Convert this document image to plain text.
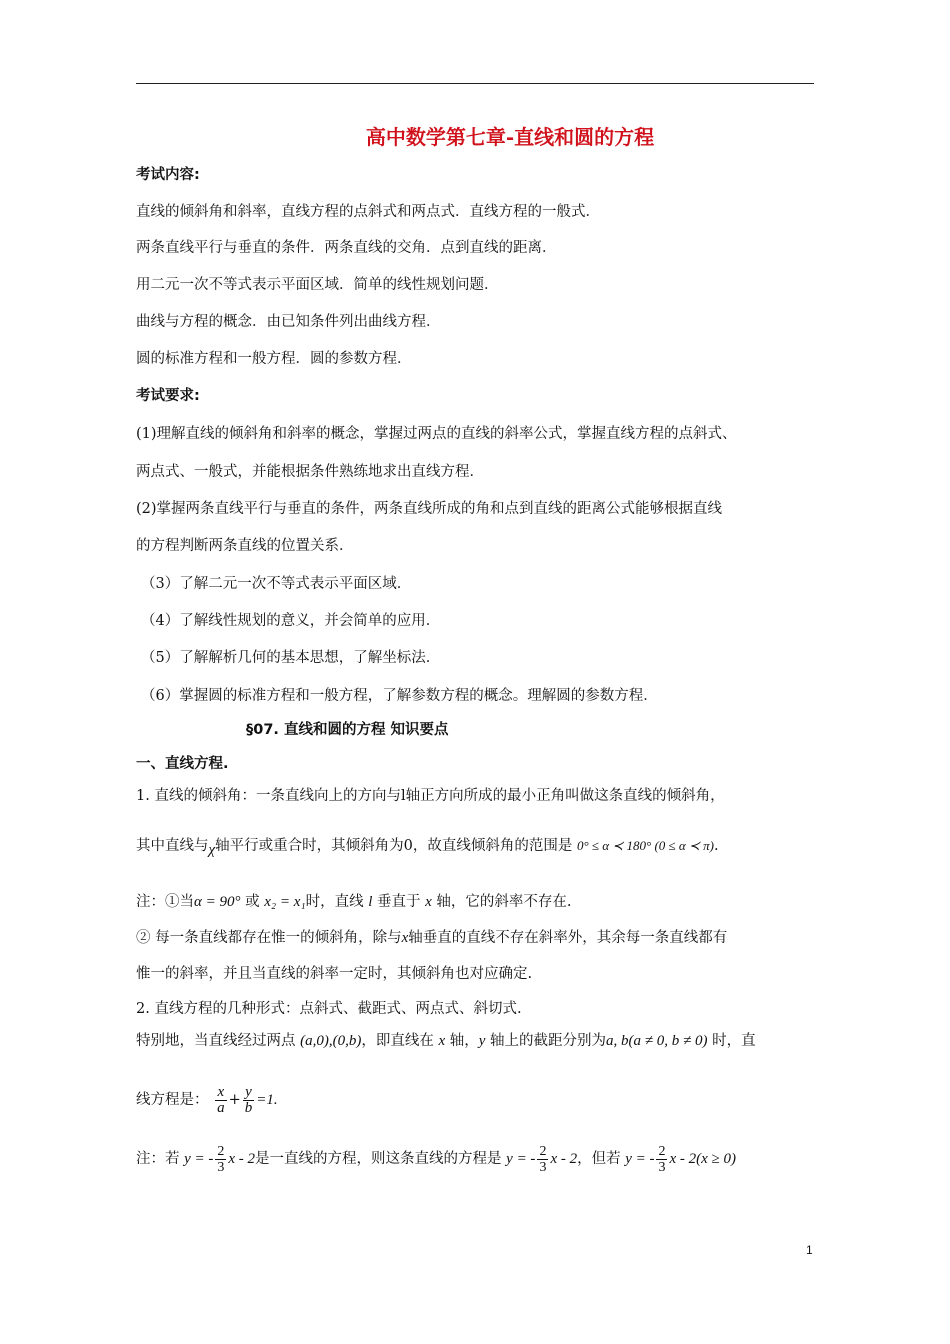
高中数学第七章-直线和圆的方程
考试内容:
直线的倾斜角和斜率，直线方程的点斜式和两点式．直线方程的一般式．
两条直线平行与垂直的条件．两条直线的交角．点到直线的距离．
用二元一次不等式表示平面区域．简单的线性规划问题．
曲线与方程的概念．由已知条件列出曲线方程．
圆的标准方程和一般方程．圆的参数方程．
考试要求:
(1)理解直线的倾斜角和斜率的概念，掌握过两点的直线的斜率公式，掌握直线方程的点斜式、
两点式、一般式，并能根据条件熟练地求出直线方程．
(2)掌握两条直线平行与垂直的条件，两条直线所成的角和点到直线的距离公式能够根据直线
的方程判断两条直线的位置关系．
（3）了解二元一次不等式表示平面区域．
（4）了解线性规划的意义，并会简单的应用．
（5）了解解析几何的基本思想，了解坐标法．
（6）掌握圆的标准方程和一般方程，了解参数方程的概念。理解圆的参数方程．
§07. 直线和圆的方程 知识要点
一、直线方程.
1. 直线的倾斜角：一条直线向上的方向与l轴正方向所成的最小正角叫做这条直线的倾斜角，
其中直线与χ轴平行或重合时，其倾斜角为0，故直线倾斜角的范围是 0° ≤ α ≺ 180° (0 ≤ α ≺ π).
注：①当α = 90° 或 x₂ = x₁时，直线 l 垂直于 x 轴，它的斜率不存在.
② 每一条直线都存在惟一的倾斜角，除与x轴垂直的直线不存在斜率外，其余每一条直线都有
惟一的斜率，并且当直线的斜率一定时，其倾斜角也对应确定.
2. 直线方程的几种形式：点斜式、截距式、两点式、斜切式.
特别地，当直线经过两点 (a,0),(0,b)，即直线在 x 轴，y 轴上的截距分别为a, b(a ≠ 0, b ≠ 0) 时，直
线方程是： $\frac{x}{a} + \frac{y}{b} =1$.
注：若 y = - $\frac{2}{3}$ x - 2是一直线的方程，则这条直线的方程是 y = - $\frac{2}{3}$ x - 2，但若 y = - $\frac{2}{3}$ x - 2(x ≥ 0)
1
